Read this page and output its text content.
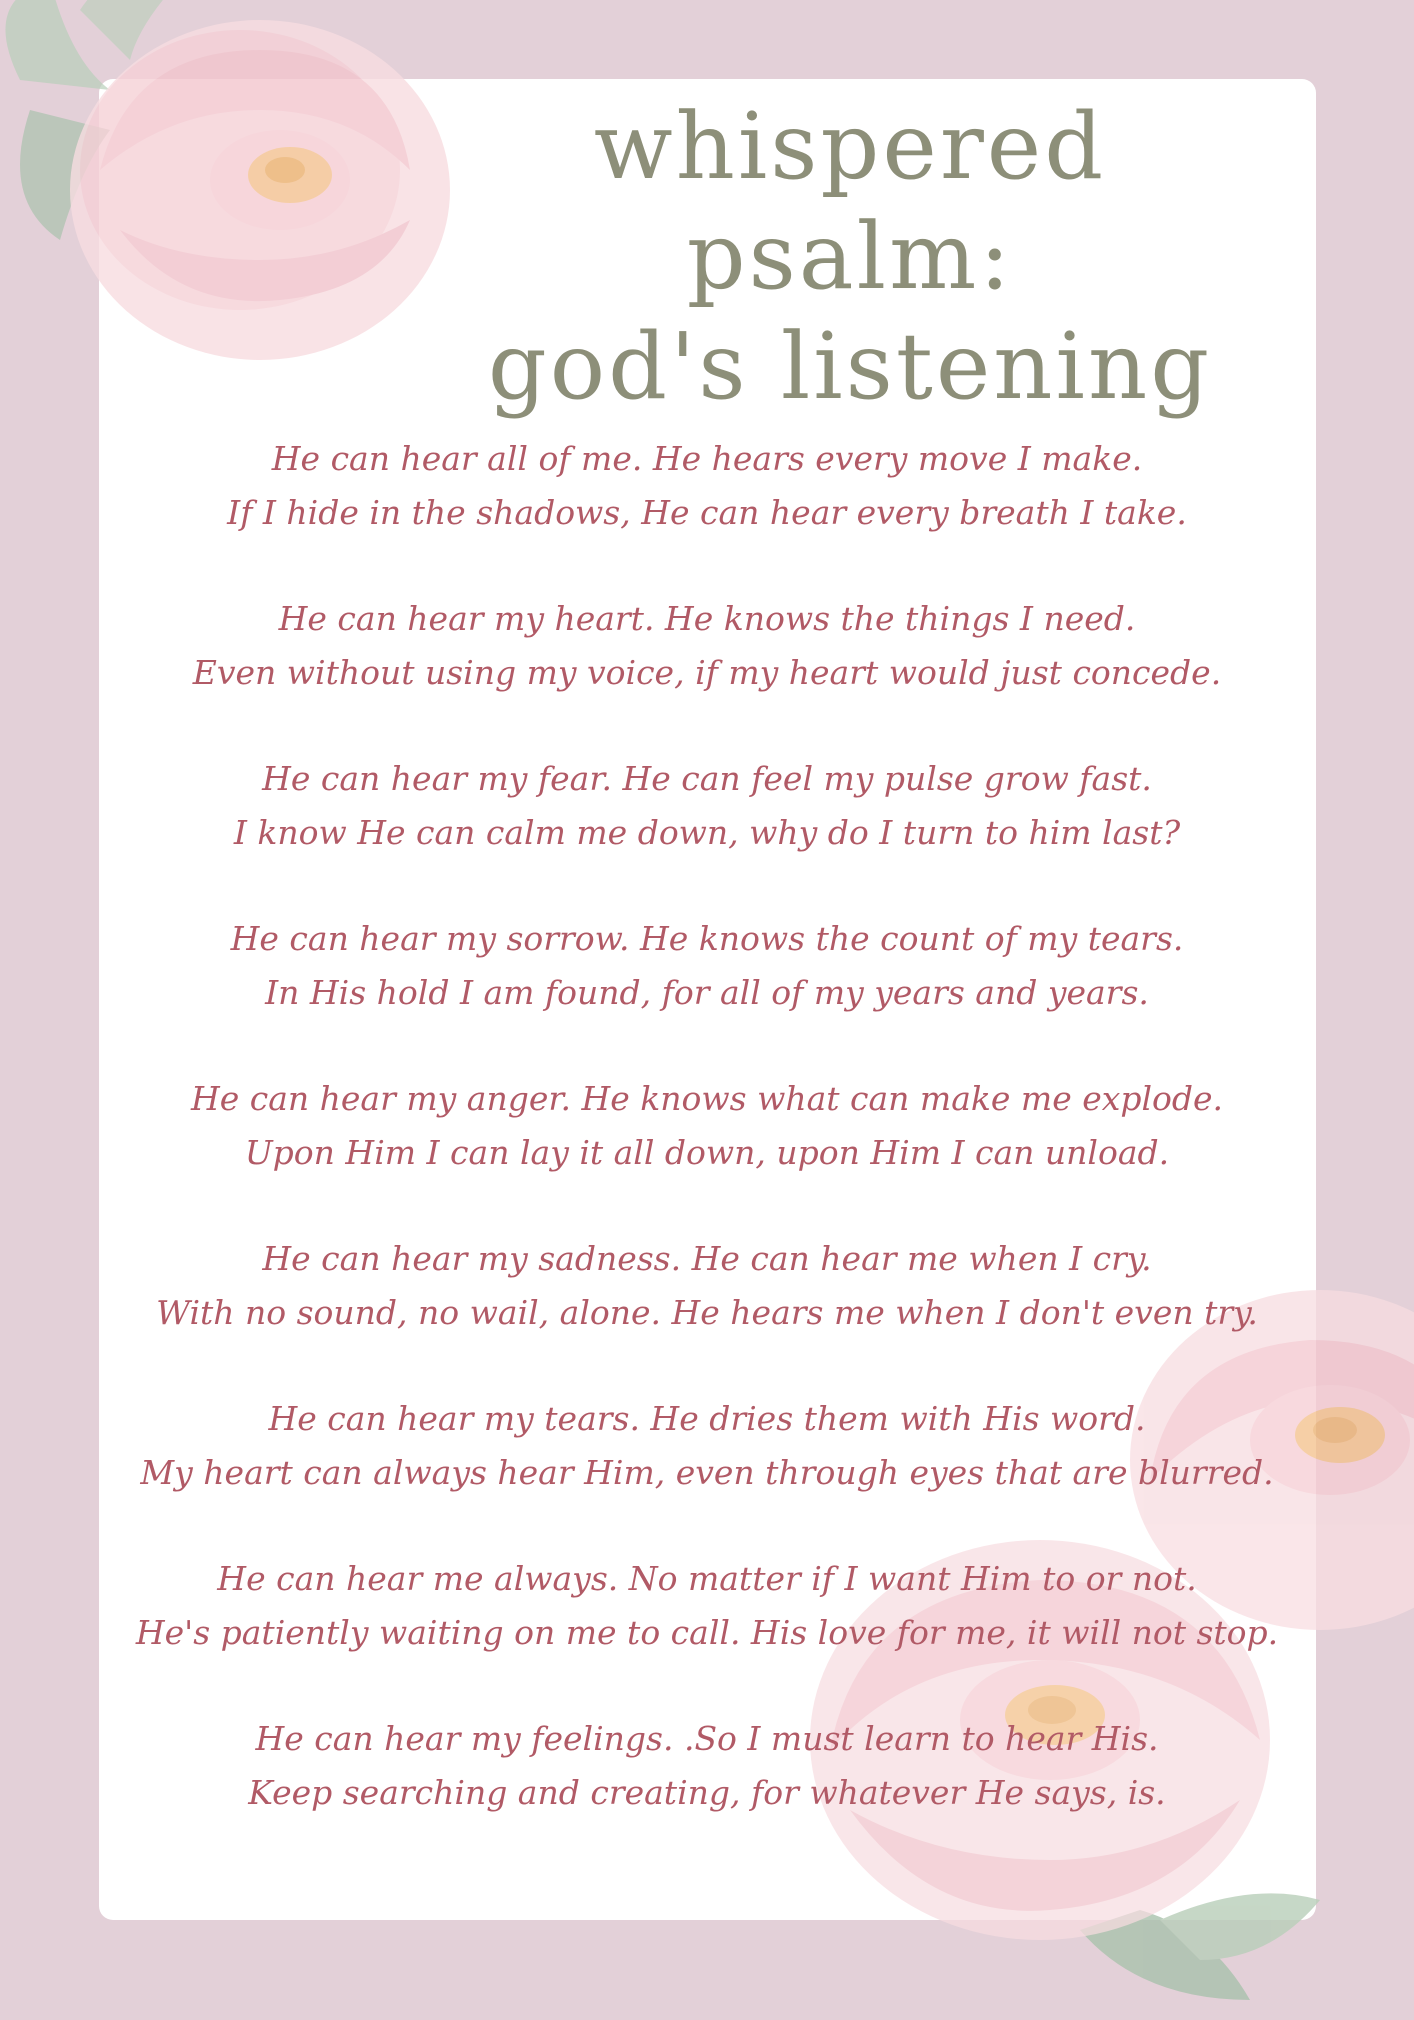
whispered
psalm:
god's listening

He can hear all of me. He hears every move I make.

If I hide in the shadows, He can hear every breath I take.

He can hear my heart. He knows the things I need.

Even without using my voice, if my heart would just concede.

He can hear my fear. He can feel my pulse grow fast.

I know He can calm me down, why do I turn to him last?

He can hear my sorrow. He knows the count of my tears.

In His hold I am found, for all of my years and years.

He can hear my anger. He knows what can make me explode.

Upon Him I can lay it all down, upon Him I can unload.

He can hear my sadness. He can hear me when I cry.

With no sound, no wail, alone. He hears me when I don't even try.

He can hear my tears. He dries them with His word.

My heart can always hear Him, even through eyes that are blurred.

He can hear me always. No matter if I want Him to or not.

He's patiently waiting on me to call. His love for me, it will not stop.

He can hear my feelings. .So I must learn to hear His.

Keep searching and creating, for whatever He says, is.
